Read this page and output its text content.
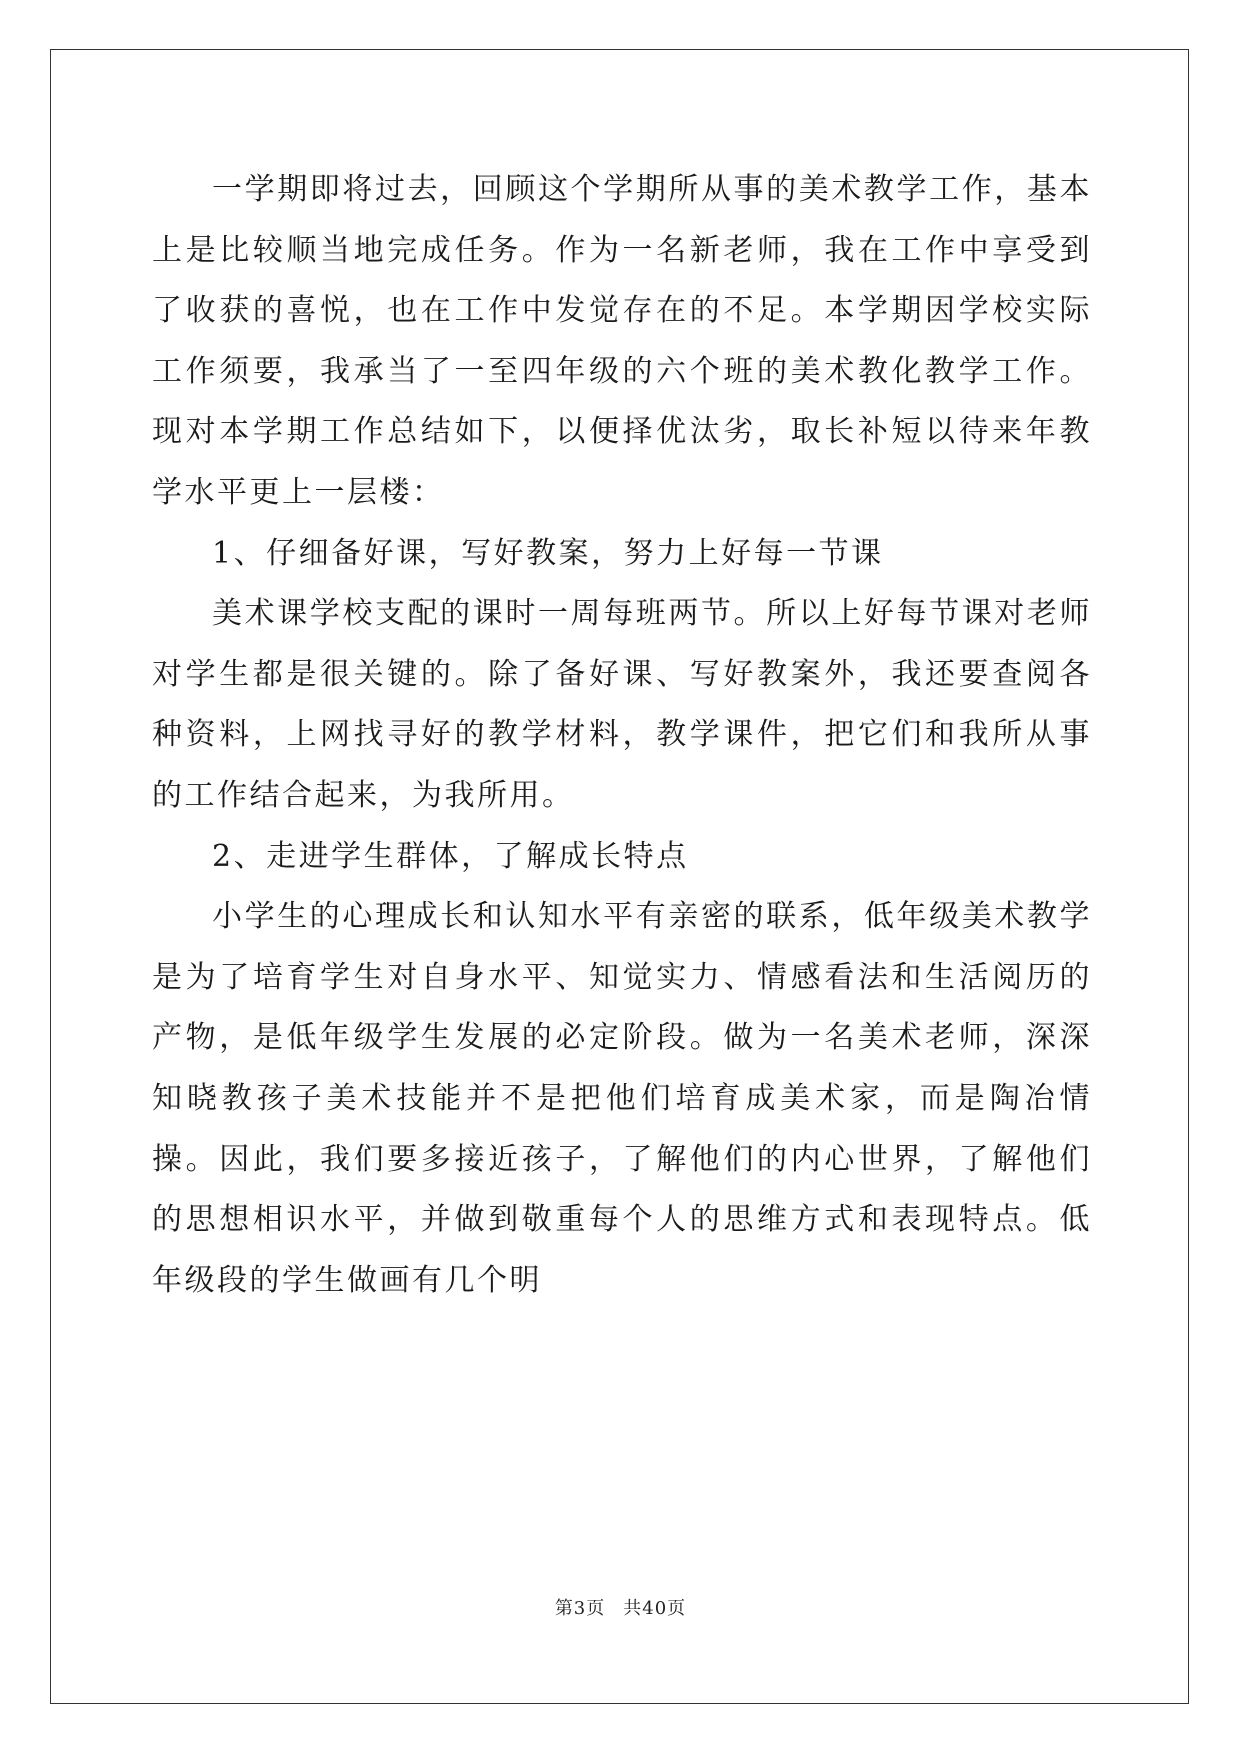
一学期即将过去，回顾这个学期所从事的美术教学工作，基本上是比较顺当地完成任务。作为一名新老师，我在工作中享受到了收获的喜悦，也在工作中发觉存在的不足。本学期因学校实际工作须要，我承当了一至四年级的六个班的美术教化教学工作。现对本学期工作总结如下，以便择优汰劣，取长补短以待来年教学水平更上一层楼：

1、仔细备好课，写好教案，努力上好每一节课

美术课学校支配的课时一周每班两节。所以上好每节课对老师对学生都是很关键的。除了备好课、写好教案外，我还要查阅各种资料，上网找寻好的教学材料，教学课件，把它们和我所从事的工作结合起来，为我所用。

2、走进学生群体，了解成长特点

小学生的心理成长和认知水平有亲密的联系，低年级美术教学是为了培育学生对自身水平、知觉实力、情感看法和生活阅历的产物，是低年级学生发展的必定阶段。做为一名美术老师，深深知晓教孩子美术技能并不是把他们培育成美术家，而是陶冶情操。因此，我们要多接近孩子，了解他们的内心世界，了解他们的思想相识水平，并做到敬重每个人的思维方式和表现特点。低年级段的学生做画有几个明

第3页 共40页
